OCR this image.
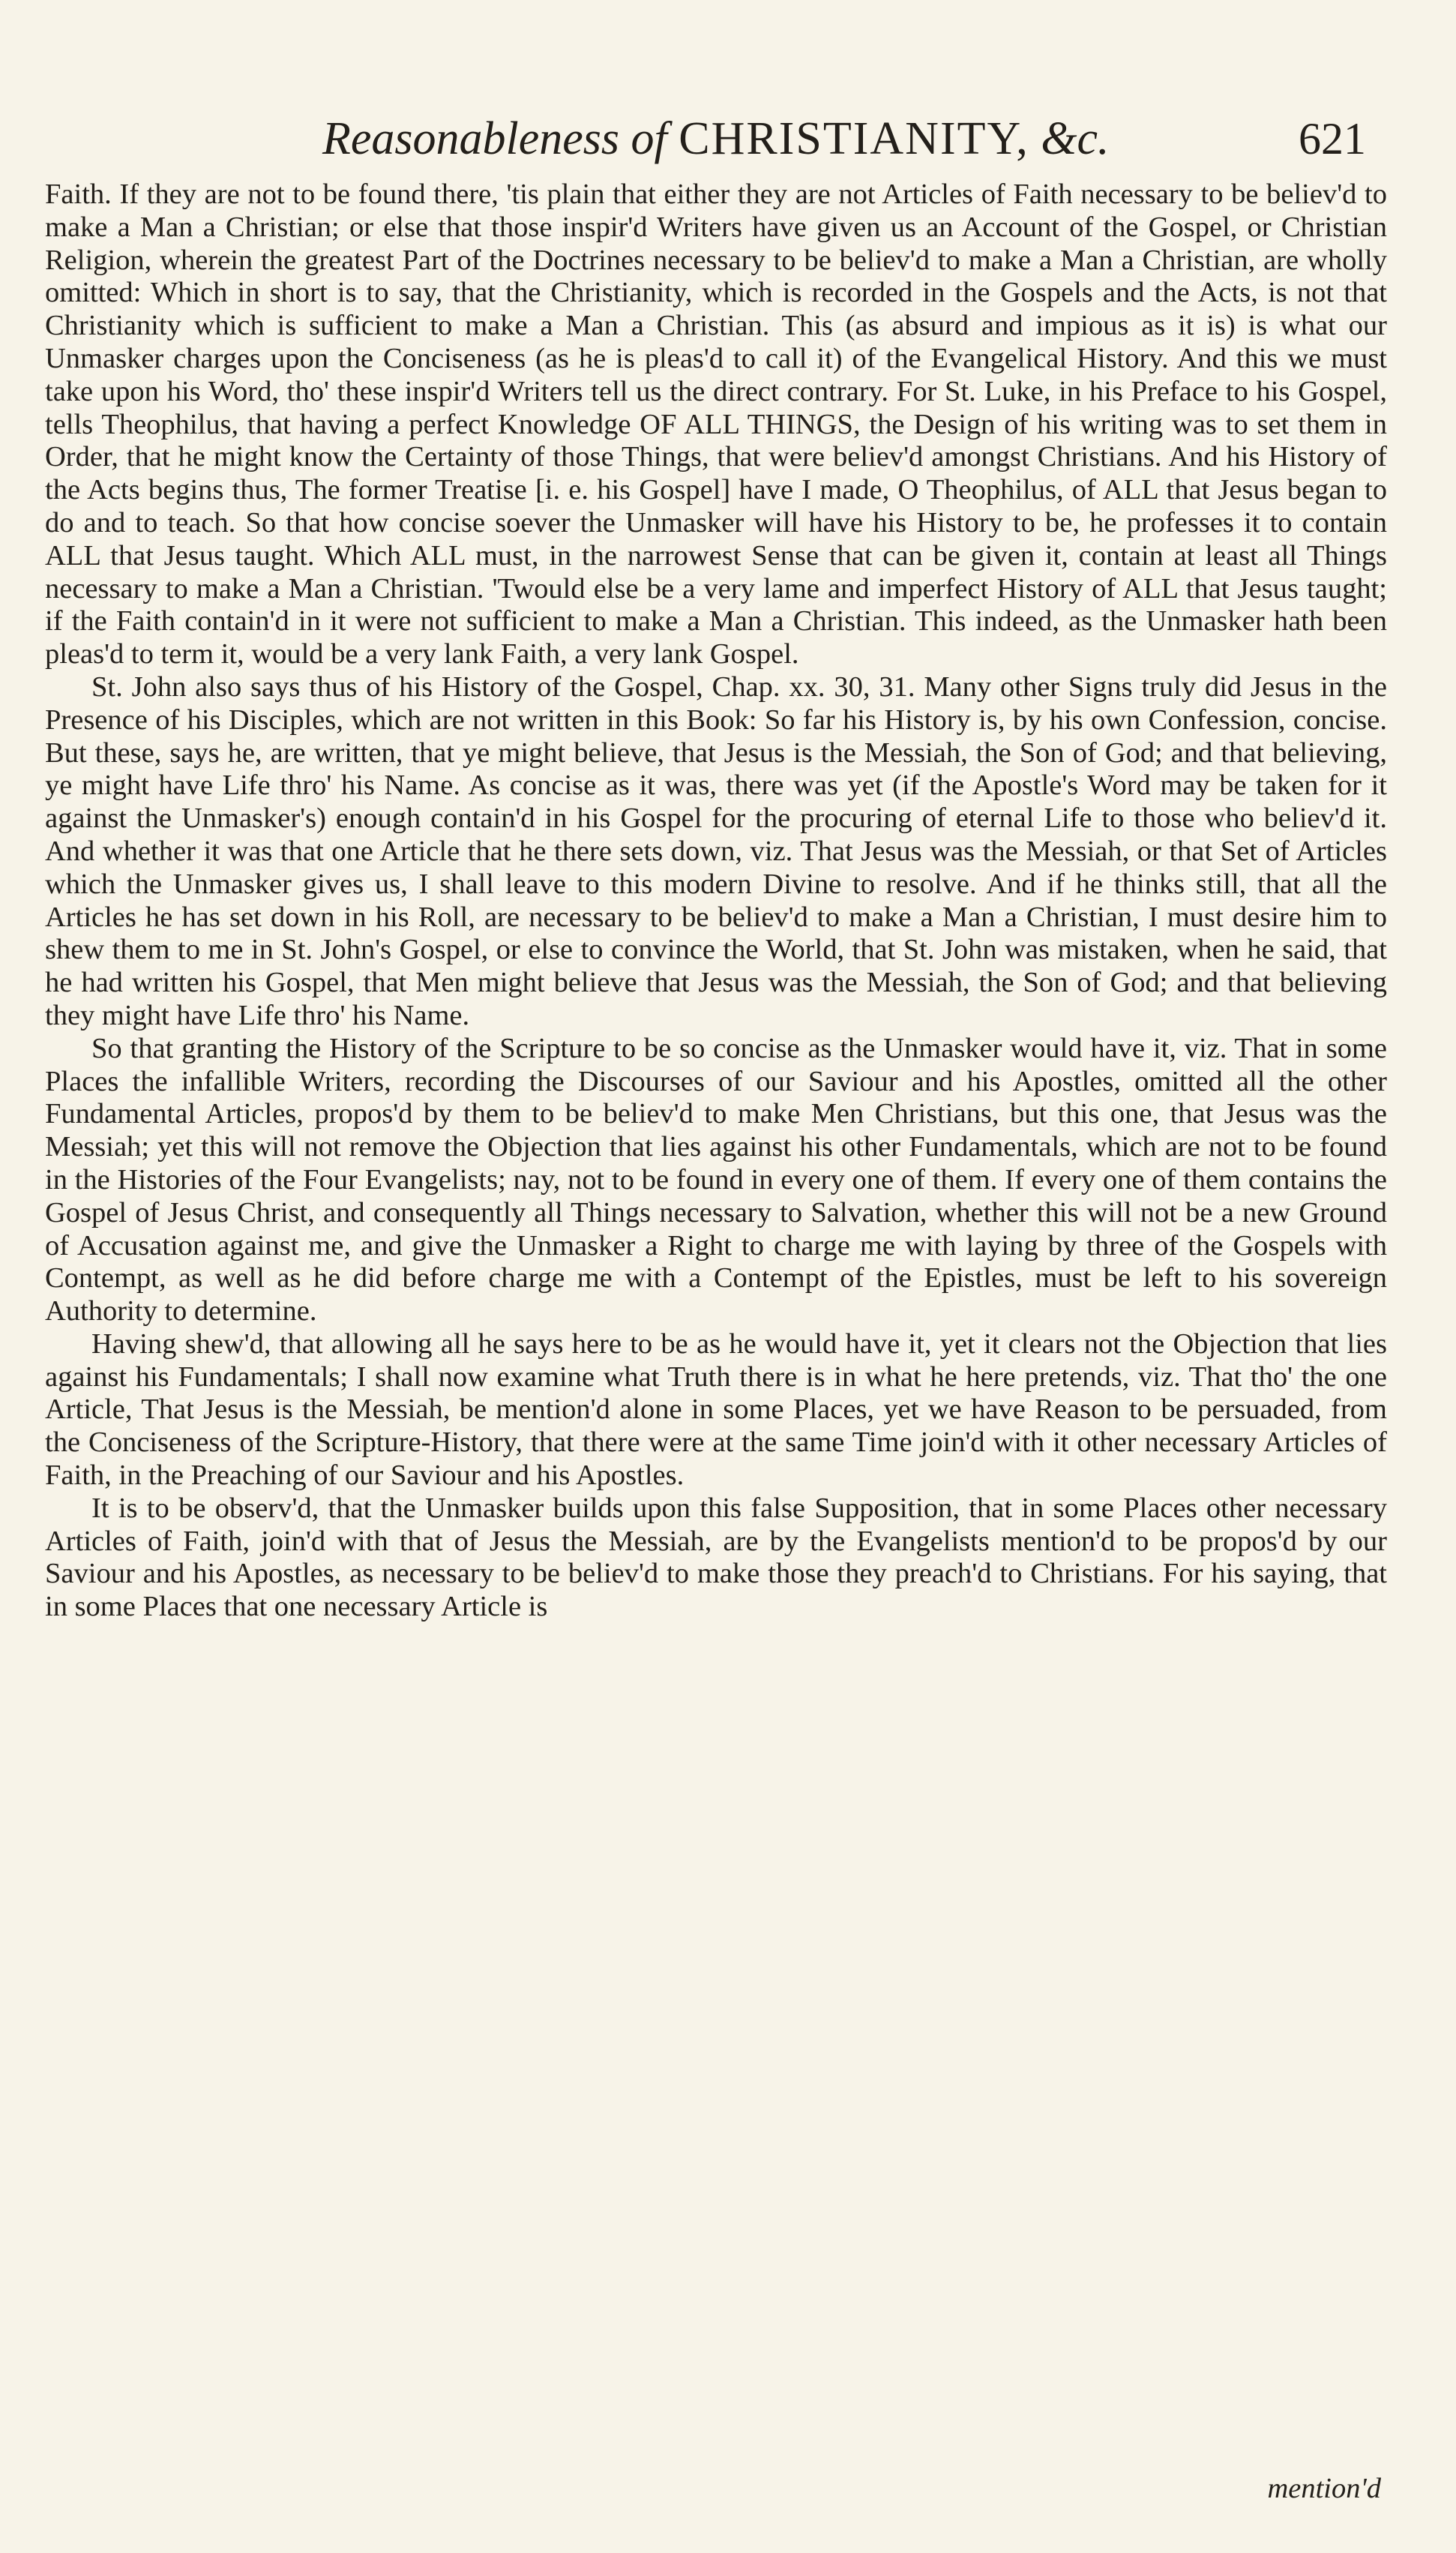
Reasonableness of CHRISTIANITY, &c.	621

Faith. If they are not to be found there, 'tis plain that either they are not Articles of Faith necessary to be believ'd to make a Man a Christian; or else that those inspir'd Writers have given us an Account of the Gospel, or Christian Religion, wherein the greatest Part of the Doctrines necessary to be believ'd to make a Man a Christian, are wholly omitted: Which in short is to say, that the Christianity, which is recorded in the Gospels and the Acts, is not that Christianity which is sufficient to make a Man a Christian. This (as absurd and impious as it is) is what our Unmasker charges upon the Conciseness (as he is pleas'd to call it) of the Evangelical History. And this we must take upon his Word, tho' these inspir'd Writers tell us the direct contrary. For St. Luke, in his Preface to his Gospel, tells Theophilus, that having a perfect Knowledge OF ALL THINGS, the Design of his writing was to set them in Order, that he might know the Certainty of those Things, that were believ'd amongst Christians. And his History of the Acts begins thus, The former Treatise [i. e. his Gospel] have I made, O Theophilus, of ALL that Jesus began to do and to teach. So that how concise soever the Unmasker will have his History to be, he professes it to contain ALL that Jesus taught. Which ALL must, in the narrowest Sense that can be given it, contain at least all Things necessary to make a Man a Christian. 'Twould else be a very lame and imperfect History of ALL that Jesus taught; if the Faith contain'd in it were not sufficient to make a Man a Christian. This indeed, as the Unmasker hath been pleas'd to term it, would be a very lank Faith, a very lank Gospel.

St. John also says thus of his History of the Gospel, Chap. xx. 30, 31. Many other Signs truly did Jesus in the Presence of his Disciples, which are not written in this Book: So far his History is, by his own Confession, concise. But these, says he, are written, that ye might believe, that Jesus is the Messiah, the Son of God; and that believing, ye might have Life thro' his Name. As concise as it was, there was yet (if the Apostle's Word may be taken for it against the Unmasker's) enough contain'd in his Gospel for the procuring of eternal Life to those who believ'd it. And whether it was that one Article that he there sets down, viz. That Jesus was the Messiah, or that Set of Articles which the Unmasker gives us, I shall leave to this modern Divine to resolve. And if he thinks still, that all the Articles he has set down in his Roll, are necessary to be believ'd to make a Man a Christian, I must desire him to shew them to me in St. John's Gospel, or else to convince the World, that St. John was mistaken, when he said, that he had written his Gospel, that Men might believe that Jesus was the Messiah, the Son of God; and that believing they might have Life thro' his Name.

So that granting the History of the Scripture to be so concise as the Unmasker would have it, viz. That in some Places the infallible Writers, recording the Discourses of our Saviour and his Apostles, omitted all the other Fundamental Articles, propos'd by them to be believ'd to make Men Christians, but this one, that Jesus was the Messiah; yet this will not remove the Objection that lies against his other Fundamentals, which are not to be found in the Histories of the Four Evangelists; nay, not to be found in every one of them. If every one of them contains the Gospel of Jesus Christ, and consequently all Things necessary to Salvation, whether this will not be a new Ground of Accusation against me, and give the Unmasker a Right to charge me with laying by three of the Gospels with Contempt, as well as he did before charge me with a Contempt of the Epistles, must be left to his sovereign Authority to determine.

Having shew'd, that allowing all he says here to be as he would have it, yet it clears not the Objection that lies against his Fundamentals; I shall now examine what Truth there is in what he here pretends, viz. That tho' the one Article, That Jesus is the Messiah, be mention'd alone in some Places, yet we have Reason to be persuaded, from the Conciseness of the Scripture-History, that there were at the same Time join'd with it other necessary Articles of Faith, in the Preaching of our Saviour and his Apostles.

It is to be observ'd, that the Unmasker builds upon this false Supposition, that in some Places other necessary Articles of Faith, join'd with that of Jesus the Messiah, are by the Evangelists mention'd to be propos'd by our Saviour and his Apostles, as necessary to be believ'd to make those they preach'd to Christians. For his saying, that in some Places that one necessary Article is

mention'd
